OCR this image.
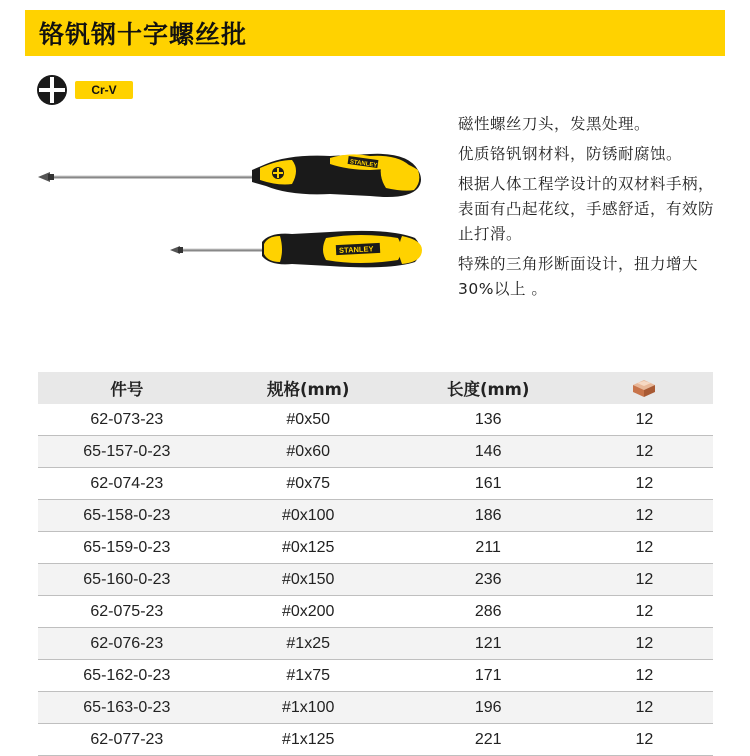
铬钒钢十字螺丝批
Cr-V
STANLEY
STANLEY

磁性螺丝刀头，发黑处理。

优质铬钒钢材料，防锈耐腐蚀。

根据人体工程学设计的双材料手柄，表面有凸起花纹，手感舒适，有效防止打滑。

特殊的三角形断面设计，扭力增大30%以上 。

件号	规格(mm)	长度(mm)	
62-073-23	#0x50	136	12
65-157-0-23	#0x60	146	12
62-074-23	#0x75	161	12
65-158-0-23	#0x100	186	12
65-159-0-23	#0x125	211	12
65-160-0-23	#0x150	236	12
62-075-23	#0x200	286	12
62-076-23	#1x25	121	12
65-162-0-23	#1x75	171	12
65-163-0-23	#1x100	196	12
62-077-23	#1x125	221	12
